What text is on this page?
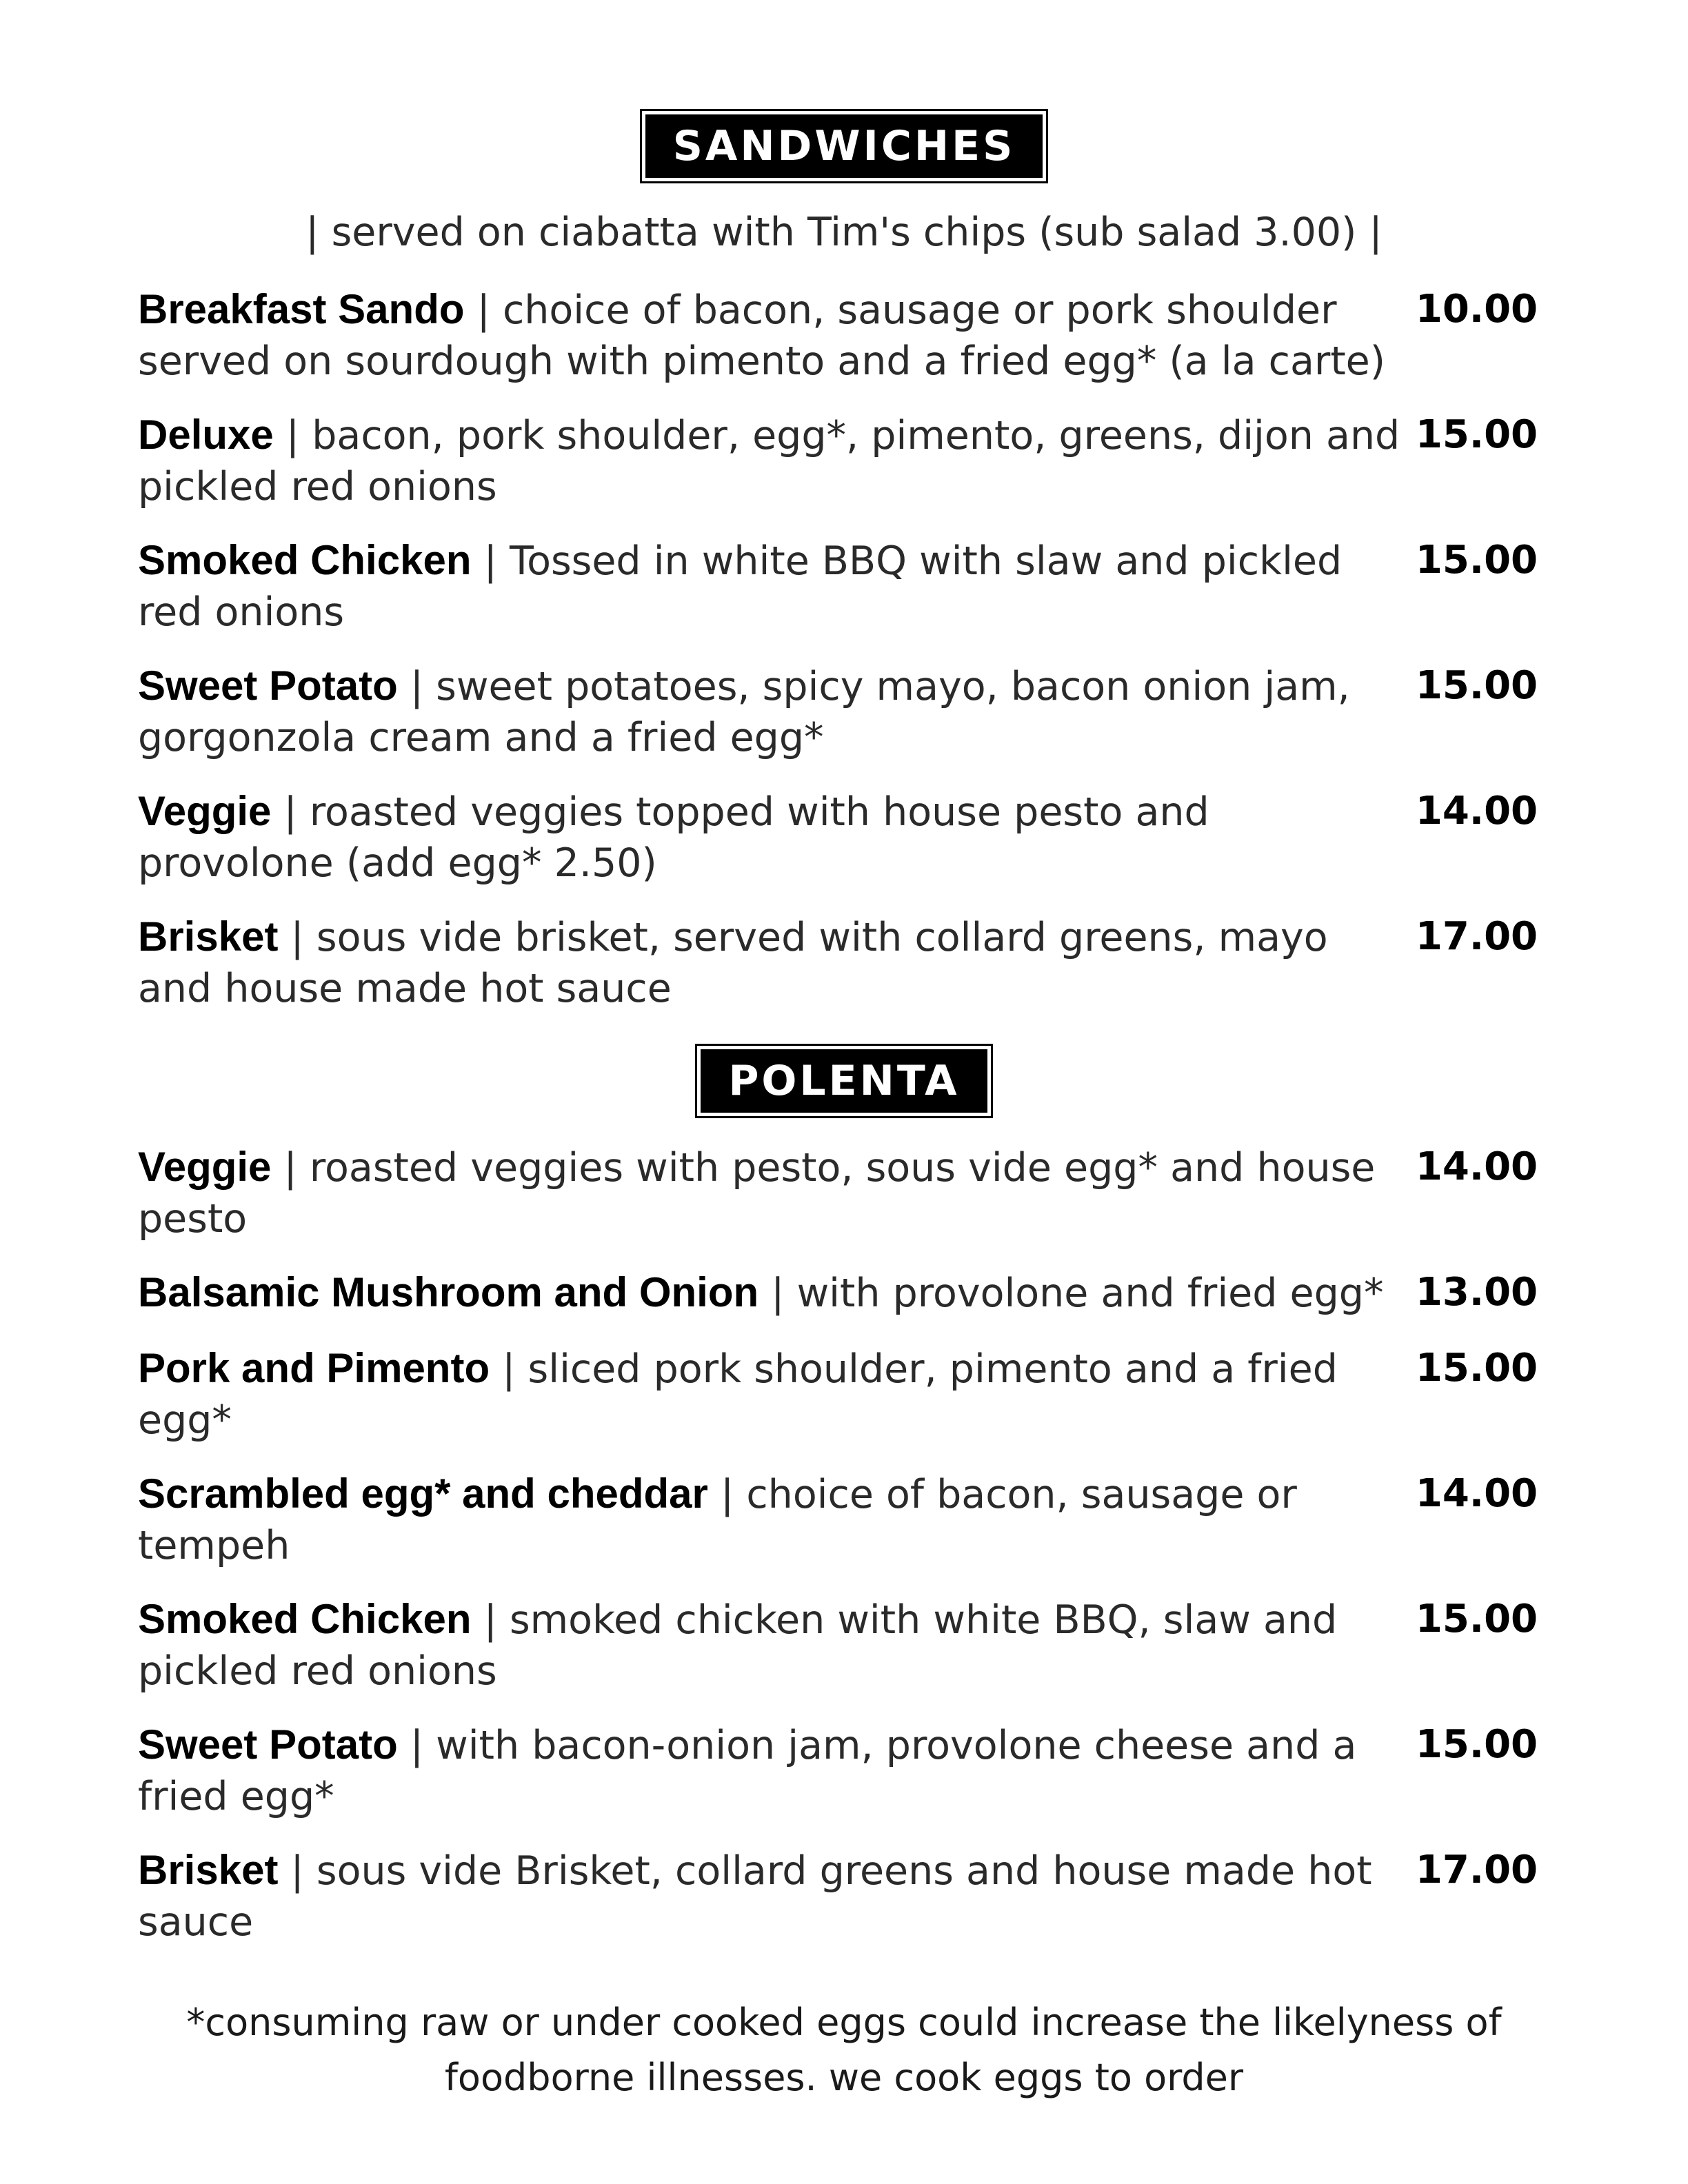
SANDWICHES
| served on ciabatta with Tim's chips (sub salad 3.00) |
Breakfast Sando | choice of bacon, sausage or pork shoulder served on sourdough with pimento and a fried egg* (a la carte)
10.00
Deluxe | bacon, pork shoulder, egg*, pimento, greens, dijon and pickled red onions
15.00
Smoked Chicken | Tossed in white BBQ with slaw and pickled red onions
15.00
Sweet Potato | sweet potatoes, spicy mayo, bacon onion jam, gorgonzola cream and a fried egg*
15.00
Veggie | roasted veggies topped with house pesto and provolone (add egg* 2.50)
14.00
Brisket | sous vide brisket, served with collard greens, mayo and house made hot sauce
17.00
POLENTA
Veggie | roasted veggies with pesto, sous vide egg* and house pesto
14.00
Balsamic Mushroom and Onion | with provolone and fried egg* 13.00
Pork and Pimento | sliced pork shoulder, pimento and a fried egg*
15.00
Scrambled egg* and cheddar | choice of bacon, sausage or tempeh
14.00
Smoked Chicken | smoked chicken with white BBQ, slaw and pickled red onions
15.00
Sweet Potato | with bacon-onion jam, provolone cheese and a fried egg*
15.00
Brisket | sous vide Brisket, collard greens and house made hot sauce
17.00
*consuming raw or under cooked eggs could increase the likelyness of
foodborne illnesses. we cook eggs to order
